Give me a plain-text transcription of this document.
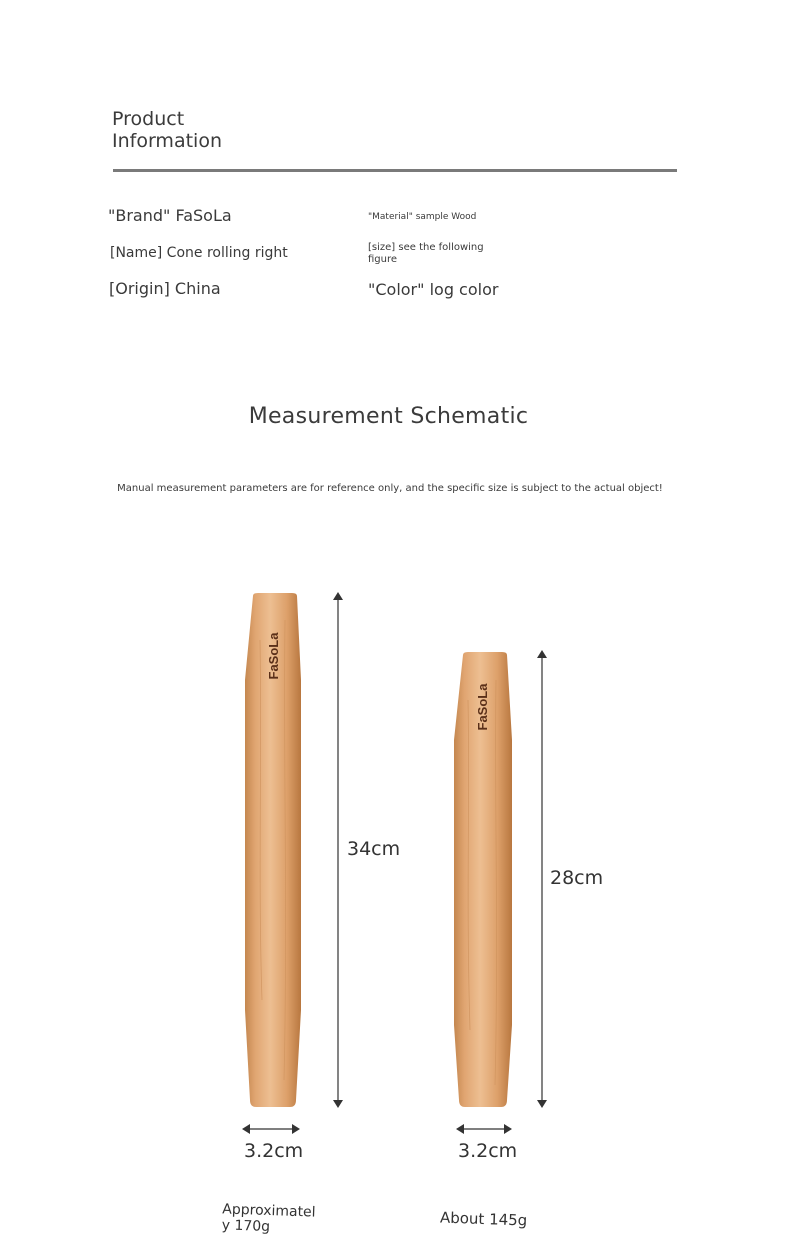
Product
Information
"Brand" FaSoLa
[Name] Cone rolling right
[Origin] China
"Material" sample Wood
[size] see the following figure
"Color" log color
Measurement Schematic
Manual measurement parameters are for reference only, and the specific size is subject to the actual object!
FaSoLa
FaSoLa
34cm
28cm
3.2cm	3.2cm
Approximately 170g	About 145g
